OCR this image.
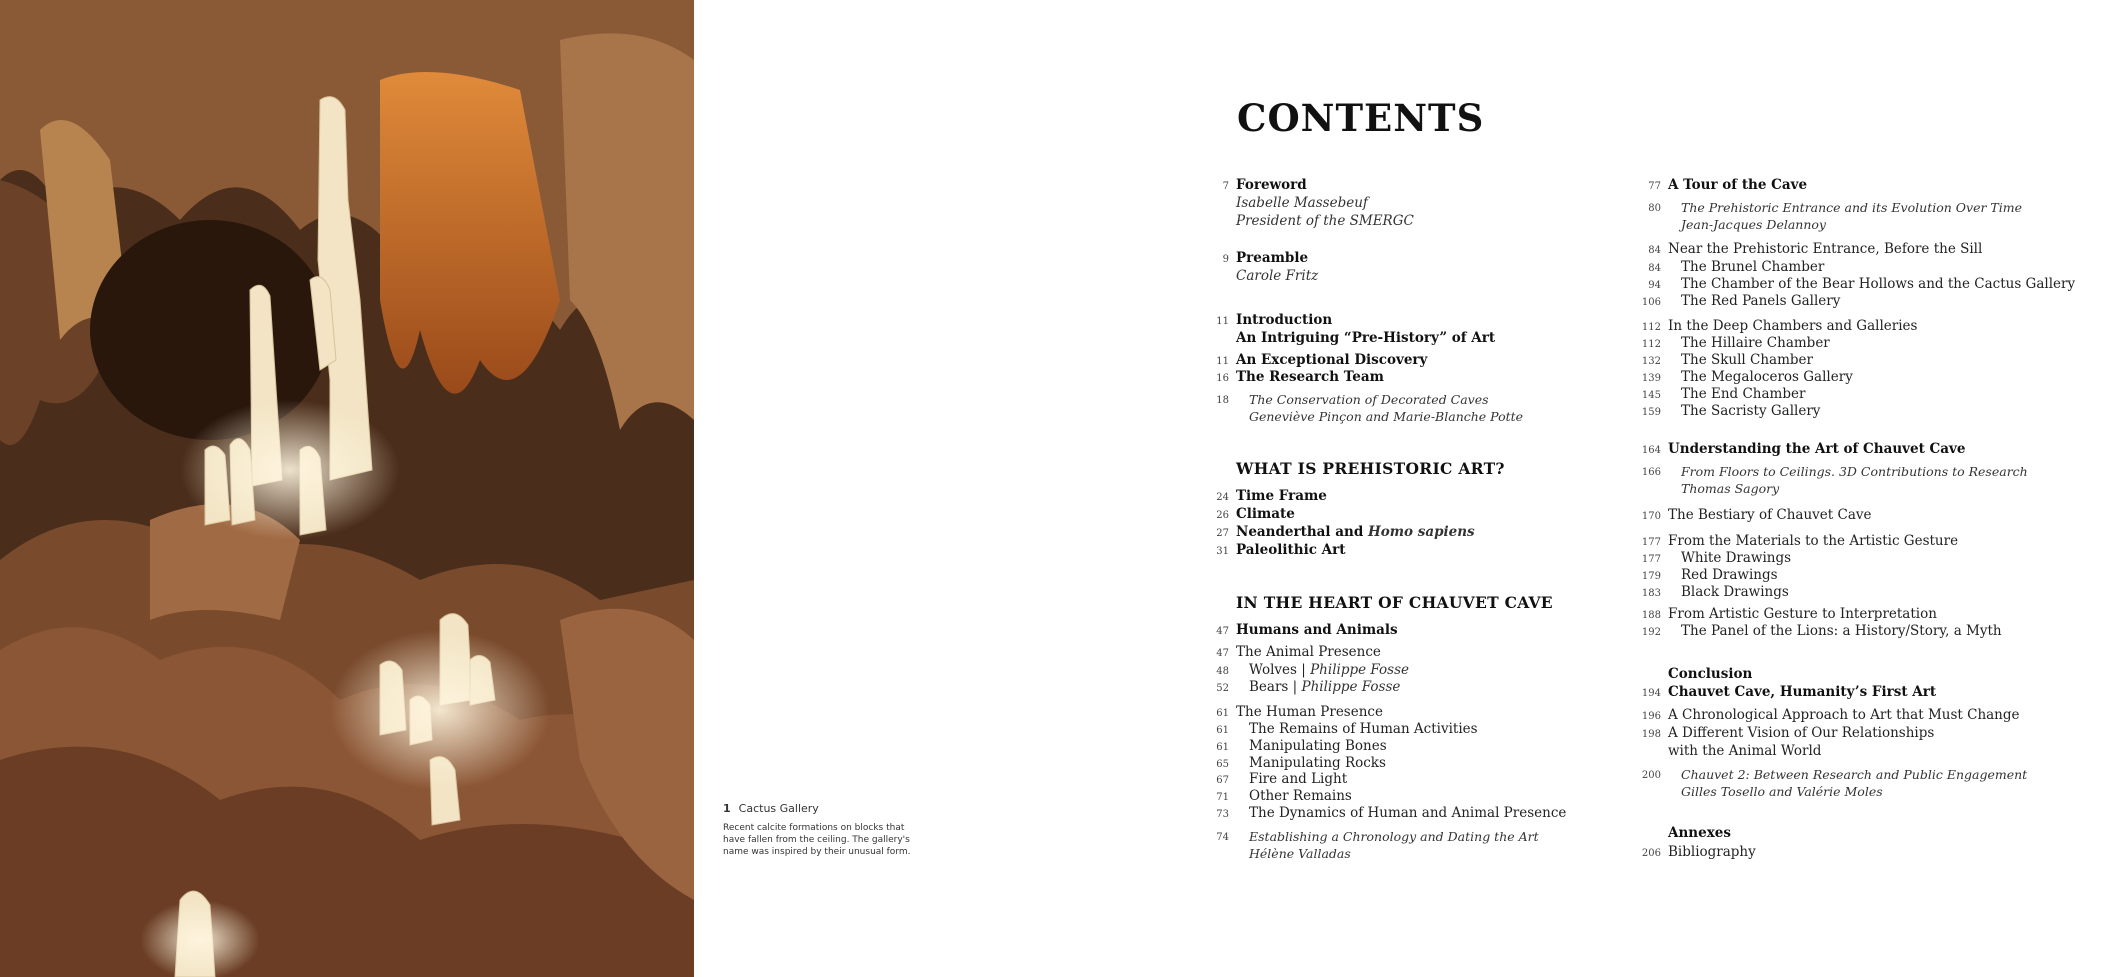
1 Cactus Gallery
Recent calcite formations on blocks that
have fallen from the ceiling. The gallery's
name was inspired by their unusual form.
CONTENTS
7 Foreword
Isabelle Massebeuf
President of the SMERGC
9 Preamble
Carole Fritz
11 Introduction
An Intriguing “Pre-History” of Art
11 An Exceptional Discovery
16 The Research Team
18 The Conservation of Decorated Caves
Geneviève Pinçon and Marie-Blanche Potte
WHAT IS PREHISTORIC ART?
24 Time Frame
26 Climate
27 Neanderthal and Homo sapiens
31 Paleolithic Art
IN THE HEART OF CHAUVET CAVE
47 Humans and Animals
47 The Animal Presence
48 Wolves | Philippe Fosse
52 Bears | Philippe Fosse
61 The Human Presence
61 The Remains of Human Activities
61 Manipulating Bones
65 Manipulating Rocks
67 Fire and Light
71 Other Remains
73 The Dynamics of Human and Animal Presence
74 Establishing a Chronology and Dating the Art
Hélène Valladas
77 A Tour of the Cave
80 The Prehistoric Entrance and its Evolution Over Time
Jean-Jacques Delannoy
84 Near the Prehistoric Entrance, Before the Sill
84 The Brunel Chamber
94 The Chamber of the Bear Hollows and the Cactus Gallery
106 The Red Panels Gallery
112 In the Deep Chambers and Galleries
112 The Hillaire Chamber
132 The Skull Chamber
139 The Megaloceros Gallery
145 The End Chamber
159 The Sacristy Gallery
164 Understanding the Art of Chauvet Cave
166 From Floors to Ceilings. 3D Contributions to Research
Thomas Sagory
170 The Bestiary of Chauvet Cave
177 From the Materials to the Artistic Gesture
177 White Drawings
179 Red Drawings
183 Black Drawings
188 From Artistic Gesture to Interpretation
192 The Panel of the Lions: a History/Story, a Myth
Conclusion
194 Chauvet Cave, Humanity’s First Art
196 A Chronological Approach to Art that Must Change
198 A Different Vision of Our Relationships
with the Animal World
200 Chauvet 2: Between Research and Public Engagement
Gilles Tosello and Valérie Moles
Annexes
206 Bibliography
